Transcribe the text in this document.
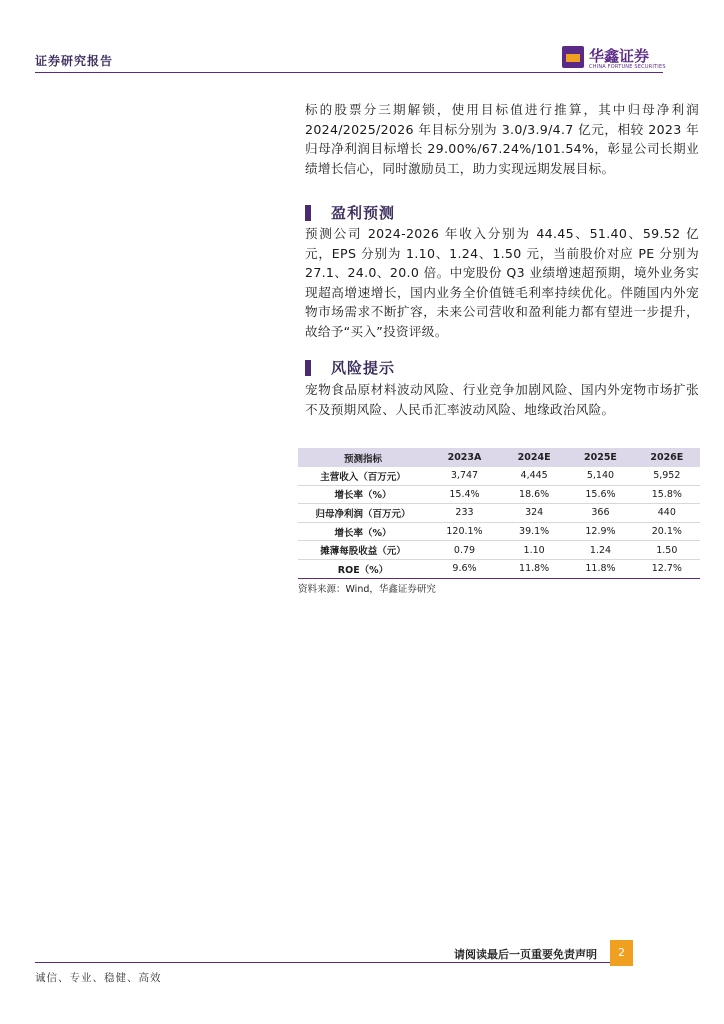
证券研究报告	华鑫证券
CHINA FORTUNE SECURITIES

标的股票分三期解锁，使用目标值进行推算，其中归母净利润 2024/2025/2026 年目标分别为 3.0/3.9/4.7 亿元，相较 2023 年归母净利润目标增长 29.00%/67.24%/101.54%，彰显公司长期业绩增长信心，同时激励员工，助力实现远期发展目标。

盈利预测

预测公司 2024-2026 年收入分别为 44.45、51.40、59.52 亿元，EPS 分别为 1.10、1.24、1.50 元，当前股价对应 PE 分别为 27.1、24.0、20.0 倍。中宠股份 Q3 业绩增速超预期，境外业务实现超高增速增长，国内业务全价值链毛利率持续优化。伴随国内外宠物市场需求不断扩容，未来公司营收和盈利能力都有望进一步提升，故给予“买入”投资评级。

风险提示

宠物食品原材料波动风险、行业竞争加剧风险、国内外宠物市场扩张不及预期风险、人民币汇率波动风险、地缘政治风险。

预测指标	2023A	2024E	2025E	2026E
主营收入（百万元）	3,747	4,445	5,140	5,952
增长率（%）	15.4%	18.6%	15.6%	15.8%
归母净利润（百万元）	233	324	366	440
增长率（%）	120.1%	39.1%	12.9%	20.1%
摊薄每股收益（元）	0.79	1.10	1.24	1.50
ROE（%）	9.6%	11.8%	11.8%	12.7%
资料来源：Wind，华鑫证券研究
请阅读最后一页重要免责声明	2
诚信、专业、稳健、高效
